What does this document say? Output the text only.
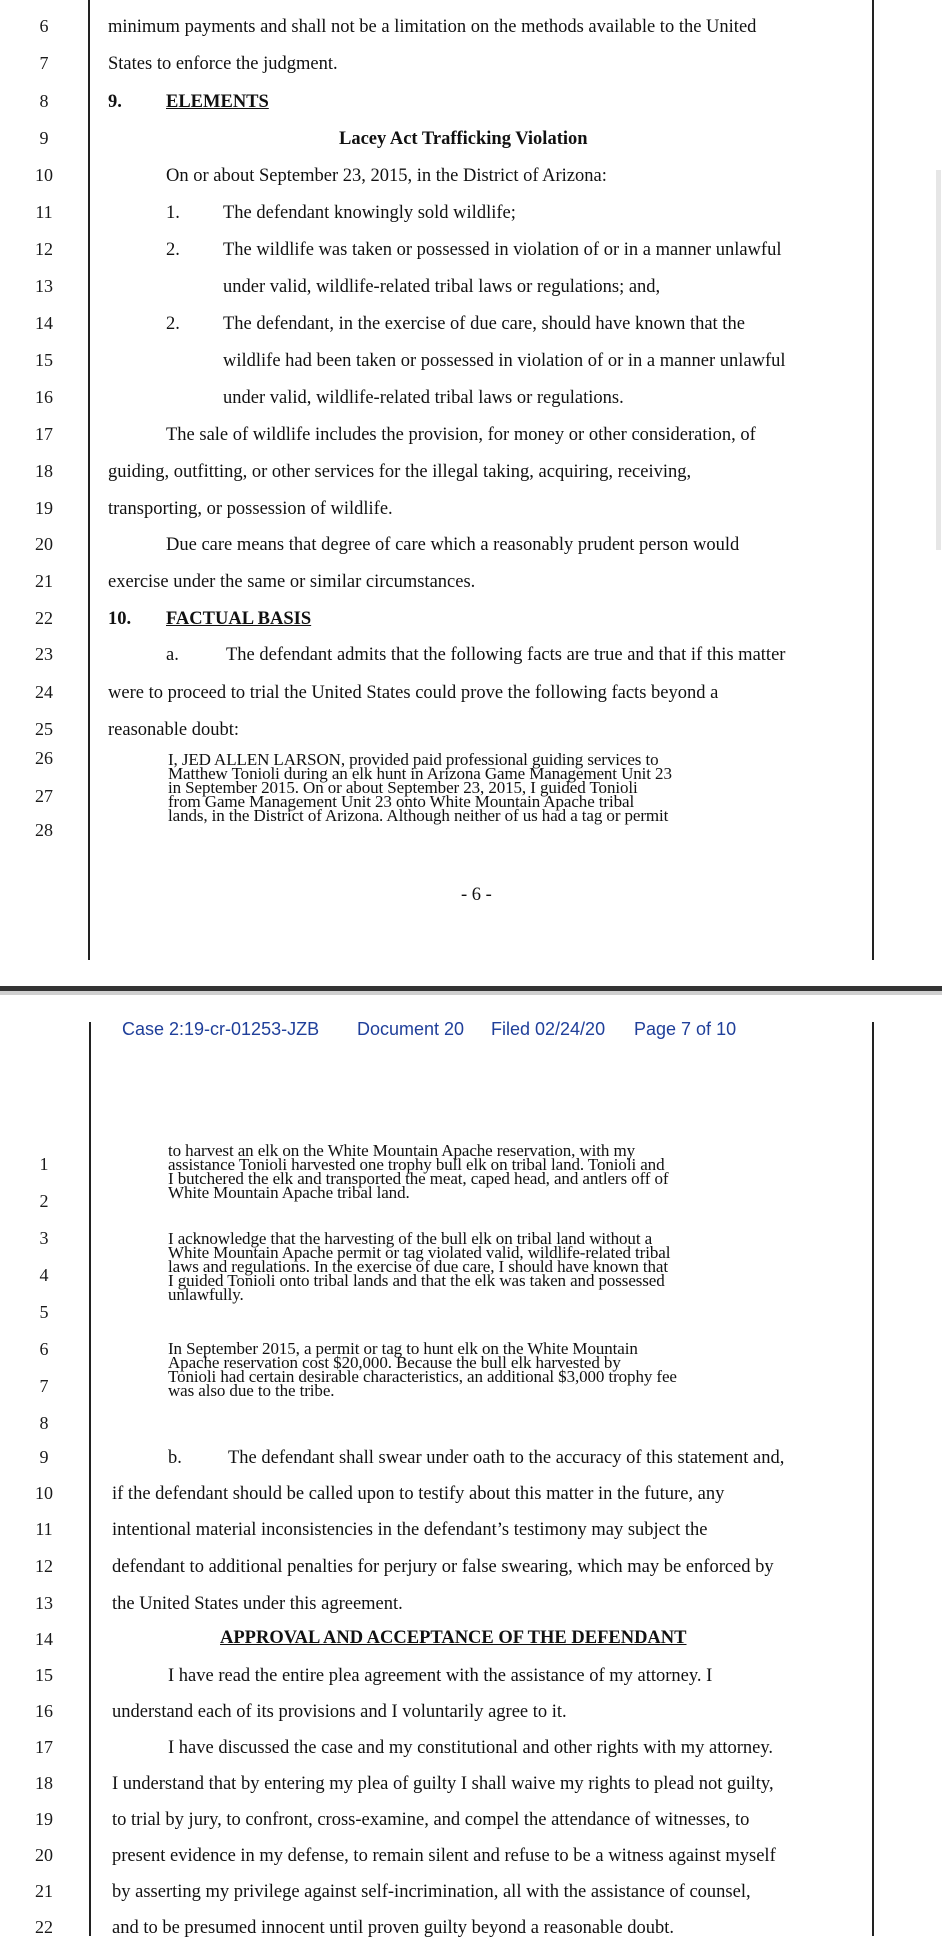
6
7
8
9
10
11
12
13
14
15
16
17
18
19
20
21
22
23
24
25
26
27
28
minimum payments and shall not be a limitation on the methods available to the United
States to enforce the judgment.
9. ELEMENTS
Lacey Act Trafficking Violation
On or about September 23, 2015, in the District of Arizona:
1. The defendant knowingly sold wildlife;
2. The wildlife was taken or possessed in violation of or in a manner unlawful
under valid, wildlife-related tribal laws or regulations; and,
2. The defendant, in the exercise of due care, should have known that the
wildlife had been taken or possessed in violation of or in a manner unlawful
under valid, wildlife-related tribal laws or regulations.
The sale of wildlife includes the provision, for money or other consideration, of
guiding, outfitting, or other services for the illegal taking, acquiring, receiving,
transporting, or possession of wildlife.
Due care means that degree of care which a reasonably prudent person would
exercise under the same or similar circumstances.
10. FACTUAL BASIS
a.	The defendant admits that the following facts are true and that if this matter
were to proceed to trial the United States could prove the following facts beyond a
reasonable doubt:
I, JED ALLEN LARSON, provided paid professional guiding services to
Matthew Tonioli during an elk hunt in Arizona Game Management Unit 23
in September 2015. On or about September 23, 2015, I guided Tonioli
from Game Management Unit 23 onto White Mountain Apache tribal
lands, in the District of Arizona. Although neither of us had a tag or permit
- 6 -
Case 2:19-cr-01253-JZB Document 20 Filed 02/24/20 Page 7 of 10
1
2
3
4
5
6
7
8
9
10
11
12
13
14
15
16
17
18
19
20
21
22
to harvest an elk on the White Mountain Apache reservation, with my
assistance Tonioli harvested one trophy bull elk on tribal land. Tonioli and
I butchered the elk and transported the meat, caped head, and antlers off of
White Mountain Apache tribal land.
I acknowledge that the harvesting of the bull elk on tribal land without a
White Mountain Apache permit or tag violated valid, wildlife-related tribal
laws and regulations. In the exercise of due care, I should have known that
I guided Tonioli onto tribal lands and that the elk was taken and possessed
unlawfully.
In September 2015, a permit or tag to hunt elk on the White Mountain
Apache reservation cost $20,000. Because the bull elk harvested by
Tonioli had certain desirable characteristics, an additional $3,000 trophy fee
was also due to the tribe.
b. The defendant shall swear under oath to the accuracy of this statement and,
if the defendant should be called upon to testify about this matter in the future, any
intentional material inconsistencies in the defendant’s testimony may subject the
defendant to additional penalties for perjury or false swearing, which may be enforced by
the United States under this agreement.
APPROVAL AND ACCEPTANCE OF THE DEFENDANT
I have read the entire plea agreement with the assistance of my attorney. I
understand each of its provisions and I voluntarily agree to it.
I have discussed the case and my constitutional and other rights with my attorney.
I understand that by entering my plea of guilty I shall waive my rights to plead not guilty,
to trial by jury, to confront, cross-examine, and compel the attendance of witnesses, to
present evidence in my defense, to remain silent and refuse to be a witness against myself
by asserting my privilege against self-incrimination, all with the assistance of counsel,
and to be presumed innocent until proven guilty beyond a reasonable doubt.
